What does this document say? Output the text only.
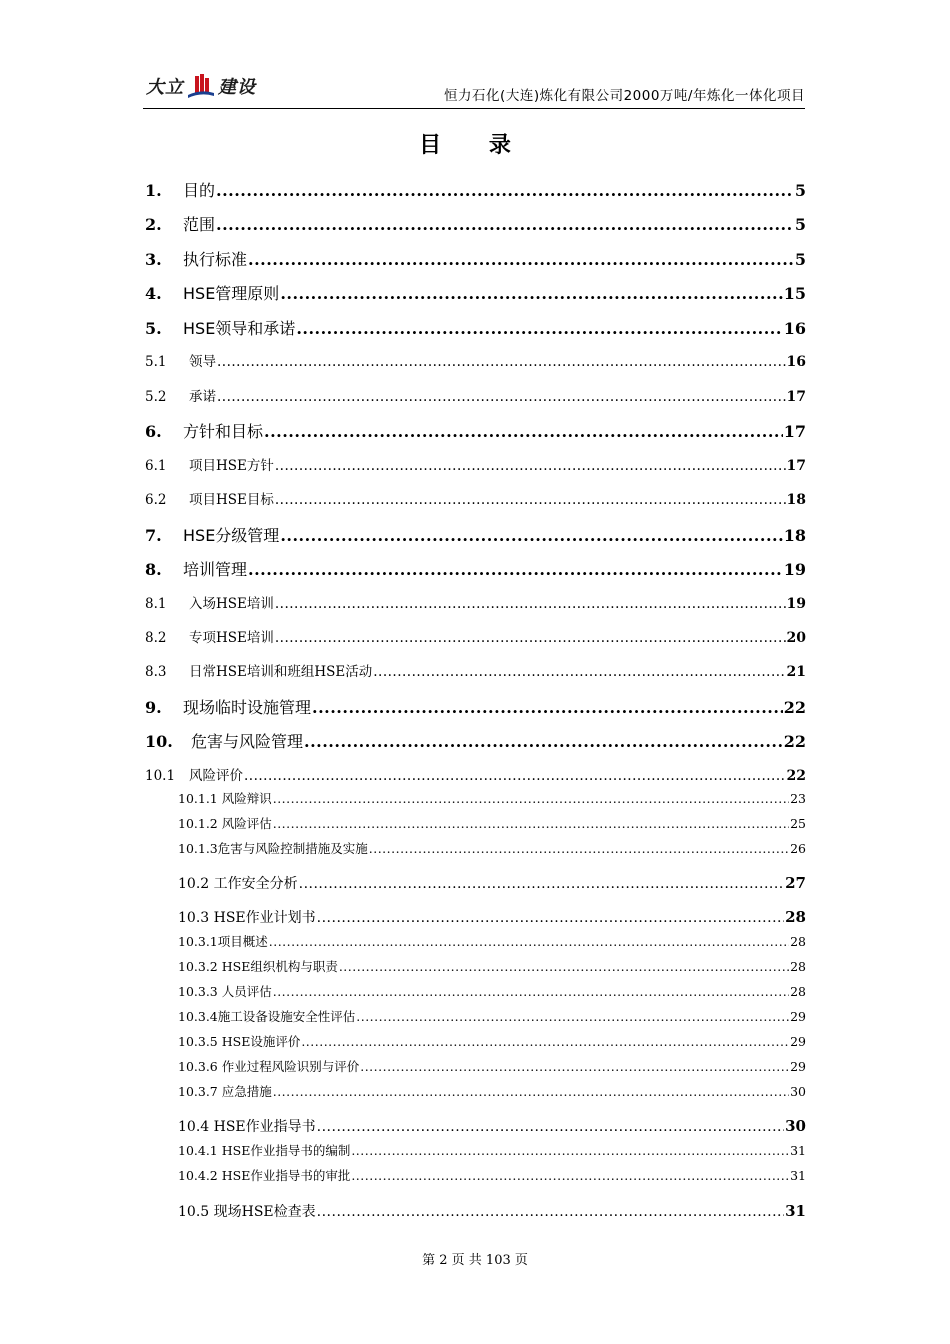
大立 建设	恒力石化(大连)炼化有限公司2000万吨/年炼化一体化项目
目 录
1.	目的 .....	5
2.	范围 .....	5
3.	执行标准 .....	5
4.	HSE管理原则 .....	15
5.	HSE领导和承诺 .....	16
5.1	领导 .....	16
5.2	承诺 .....	17
6.	方针和目标 .....	17
6.1	项目HSE方针 .....	17
6.2	项目HSE目标 .....	18
7.	HSE分级管理 .....	18
8.	培训管理 .....	19
8.1	入场HSE培训 .....	19
8.2	专项HSE培训 .....	20
8.3	日常HSE培训和班组HSE活动 .....	21
9.	现场临时设施管理 .....	22
10.	危害与风险管理 .....	22
10.1	风险评价 .....	22
10.1.1 风险辩识 .....	23
10.1.2 风险评估 .....	25
10.1.3危害与风险控制措施及实施 .....	26
10.2 工作安全分析 .....	27
10.3 HSE作业计划书 .....	28
10.3.1项目概述 .....	28
10.3.2 HSE组织机构与职责 .....	28
10.3.3 人员评估 .....	28
10.3.4施工设备设施安全性评估 .....	29
10.3.5 HSE设施评价 .....	29
10.3.6 作业过程风险识别与评价 .....	29
10.3.7 应急措施 .....	30
10.4 HSE作业指导书 .....	30
10.4.1 HSE作业指导书的编制 .....	31
10.4.2 HSE作业指导书的审批 .....	31
10.5 现场HSE检查表 .....	31
第 2 页 共 103 页
